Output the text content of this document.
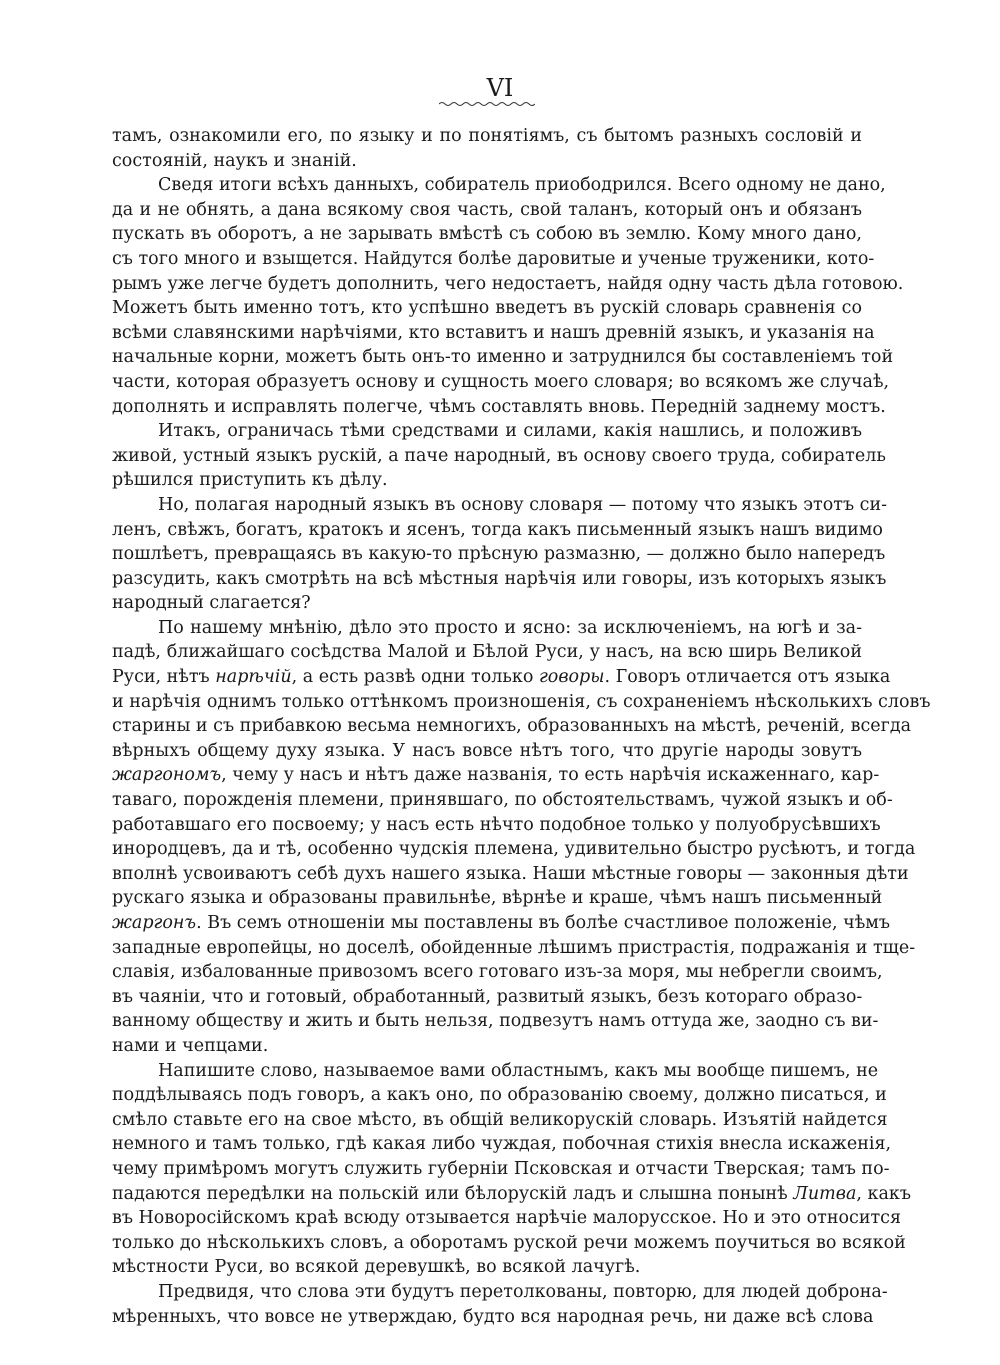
VI
тамъ, ознакомили его, по языку и по понятіямъ, съ бытомъ разныхъ сословій и
состояній, наукъ и знаній.
Сведя итоги всѣхъ данныхъ, собиратель приободрился. Всего одному не дано,
да и не обнять, а дана всякому своя часть, свой таланъ, который онъ и обязанъ
пускать въ оборотъ, а не зарывать вмѣстѣ съ собою въ землю. Кому много дано,
съ того много и взыщется. Найдутся болѣе даровитые и ученые труженики, кото-
рымъ уже легче будетъ дополнить, чего недостаетъ, найдя одну часть дѣла готовою.
Можетъ быть именно тотъ, кто успѣшно введетъ въ рускій словарь сравненія со
всѣми славянскими нарѣчіями, кто вставитъ и нашъ древній языкъ, и указанія на
начальные корни, можетъ быть онъ-то именно и затруднился бы составленіемъ той
части, которая образуетъ основу и сущность моего словаря; во всякомъ же случаѣ,
дополнять и исправлять полегче, чѣмъ составлять вновь. Передній заднему мостъ.
Итакъ, ограничась тѣми средствами и силами, какія нашлись, и положивъ
живой, устный языкъ рускій, а паче народный, въ основу своего труда, собиратель
рѣшился приступить къ дѣлу.
Но, полагая народный языкъ въ основу словаря — потому что языкъ этотъ си-
ленъ, свѣжъ, богатъ, кратокъ и ясенъ, тогда какъ письменный языкъ нашъ видимо
пошлѣетъ, превращаясь въ какую-то прѣсную размазню, — должно было напередъ
разсудить, какъ смотрѣть на всѣ мѣстныя нарѣчія или говоры, изъ которыхъ языкъ
народный слагается?
По нашему мнѣнію, дѣло это просто и ясно: за исключеніемъ, на югѣ и за-
падѣ, ближайшаго сосѣдства Малой и Бѣлой Руси, у насъ, на всю ширь Великой
Руси, нѣтъ нарѣчій, а есть развѣ одни только говоры. Говоръ отличается отъ языка
и нарѣчія однимъ только оттѣнкомъ произношенія, съ сохраненіемъ нѣсколькихъ словъ
старины и съ прибавкою весьма немногихъ, образованныхъ на мѣстѣ, реченій, всегда
вѣрныхъ общему духу языка. У насъ вовсе нѣтъ того, что другіе народы зовутъ
жаргономъ, чему у насъ и нѣтъ даже названія, то есть нарѣчія искаженнаго, кар-
таваго, порожденія племени, принявшаго, по обстоятельствамъ, чужой языкъ и об-
работавшаго его посвоему; у насъ есть нѣчто подобное только у полуобрусѣвшихъ
инородцевъ, да и тѣ, особенно чудскія племена, удивительно быстро русѣютъ, и тогда
вполнѣ усвоиваютъ себѣ духъ нашего языка. Наши мѣстные говоры — законныя дѣти
рускаго языка и образованы правильнѣе, вѣрнѣе и краше, чѣмъ нашъ письменный
жаргонъ. Въ семъ отношеніи мы поставлены въ болѣе счастливое положеніе, чѣмъ
западные европейцы, но доселѣ, обойденные лѣшимъ пристрастія, подражанія и тще-
славія, избалованные привозомъ всего готоваго изъ-за моря, мы небрегли своимъ,
въ чаяніи, что и готовый, обработанный, развитый языкъ, безъ котораго образо-
ванному обществу и жить и быть нельзя, подвезутъ намъ оттуда же, заодно съ ви-
нами и чепцами.
Напишите слово, называемое вами областнымъ, какъ мы вообще пишемъ, не
поддѣлываясь подъ говоръ, а какъ оно, по образованію своему, должно писаться, и
смѣло ставьте его на свое мѣсто, въ общій великорускій словарь. Изъятій найдется
немного и тамъ только, гдѣ какая либо чуждая, побочная стихія внесла искаженія,
чему примѣромъ могутъ служить губерніи Псковская и отчасти Тверская; тамъ по-
падаются передѣлки на польскій или бѣлорускій ладъ и слышна понынѣ Литва, какъ
въ Новоросійскомъ краѣ всюду отзывается нарѣчіе малорусское. Но и это относится
только до нѣсколькихъ словъ, а оборотамъ руской речи можемъ поучиться во всякой
мѣстности Руси, во всякой деревушкѣ, во всякой лачугѣ.
Предвидя, что слова эти будутъ перетолкованы, повторю, для людей доброна-
мѣренныхъ, что вовсе не утверждаю, будто вся народная речь, ни даже всѣ слова
